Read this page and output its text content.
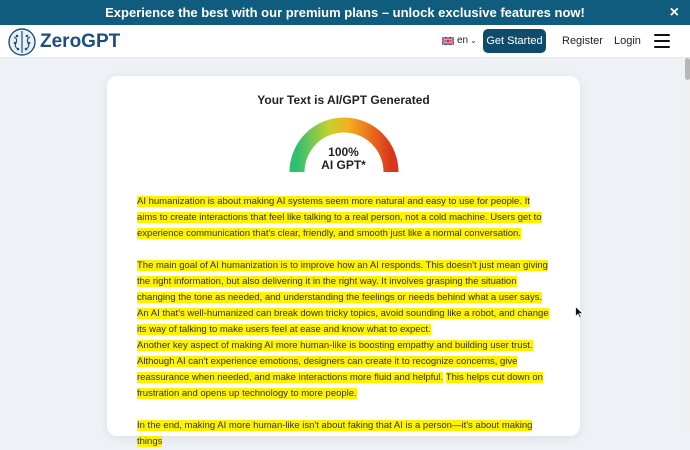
Experience the best with our premium plans – unlock exclusive features now!	×
ZeroGPT	en ⌄ Get Started	Register Login
Your Text is AI/GPT Generated
100%
AI GPT*

AI humanization is about making AI systems seem more natural and easy to use for people. It aims to create interactions that feel like talking to a real person, not a cold machine. Users get to experience communication that's clear, friendly, and smooth just like a normal conversation.

The main goal of AI humanization is to improve how an AI responds. This doesn't just mean giving the right information, but also delivering it in the right way. It involves grasping the situation changing the tone as needed, and understanding the feelings or needs behind what a user says. An AI that's well-humanized can break down tricky topics, avoid sounding like a robot, and change its way of talking to make users feel at ease and know what to expect.

Another key aspect of making AI more human-like is boosting empathy and building user trust. Although AI can't experience emotions, designers can create it to recognize concerns, give reassurance when needed, and make interactions more fluid and helpful. This helps cut down on frustration and opens up technology to more people.

In the end, making AI more human-like isn't about faking that AI is a person—it's about making things
